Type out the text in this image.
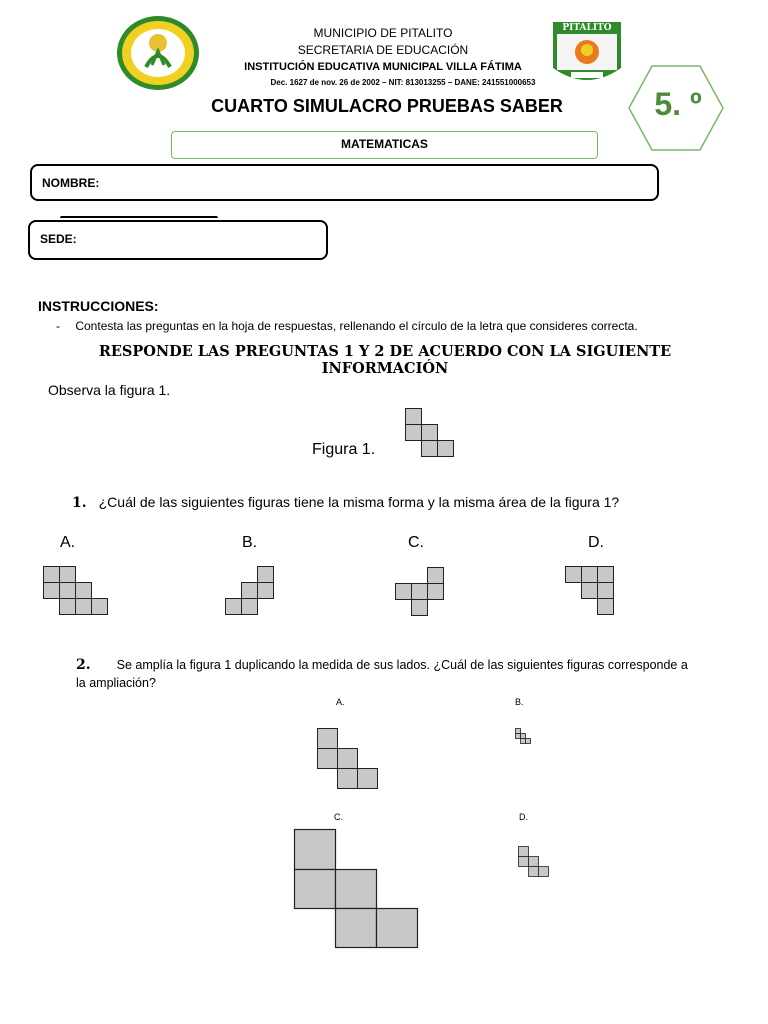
MUNICIPIO DE PITALITO
SECRETARIA DE EDUCACIÓN
INSTITUCIÓN EDUCATIVA MUNICIPAL VILLA FÁTIMA
Dec. 1627 de nov. 26 de 2002 – NIT: 813013255 – DANE: 241551000653
PITALITO
CUARTO SIMULACRO PRUEBAS SABER
MATEMATICAS
5. º
NOMBRE:
SEDE:
INSTRUCCIONES:
- Contesta las preguntas en la hoja de respuestas, rellenando el círculo de la letra que consideres correcta.
RESPONDE LAS PREGUNTAS 1 Y 2 DE ACUERDO CON LA SIGUIENTE INFORMACIÓN
Observa la figura 1.
Figura 1.
1. ¿Cuál de las siguientes figuras tiene la misma forma y la misma área de la figura 1?
A.	B.	C.	D.
2. Se amplía la figura 1 duplicando la medida de sus lados. ¿Cuál de las siguientes figuras corresponde a la ampliación?
A.	B.
C.	D.
